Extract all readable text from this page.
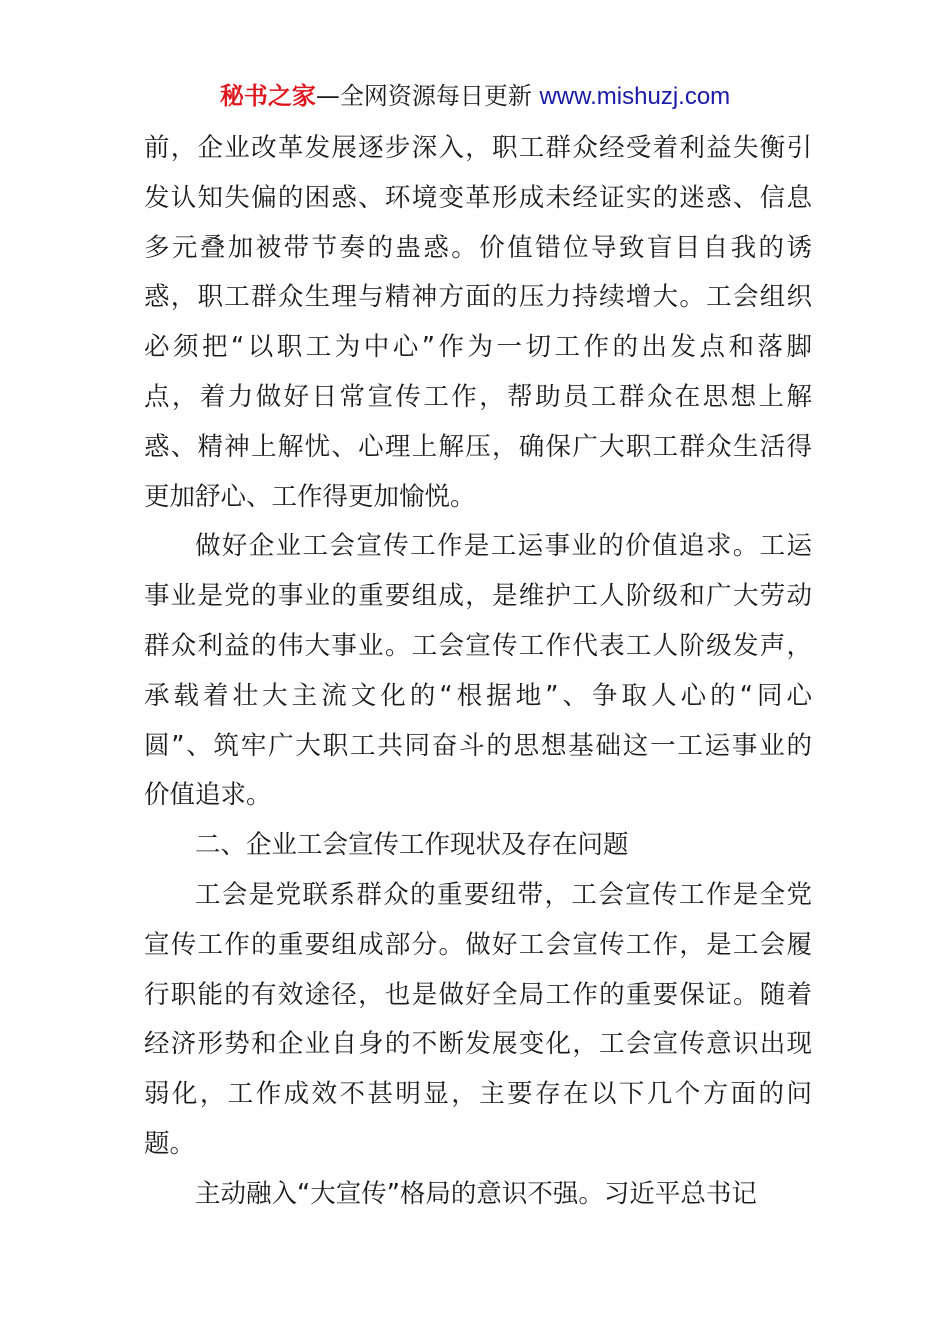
秘书之家—全网资源每日更新 www.mishuzj.com
前，企业改革发展逐步深入，职工群众经受着利益失衡引
发认知失偏的困惑、环境变革形成未经证实的迷惑、信息
多元叠加被带节奏的蛊惑。价值错位导致盲目自我的诱
惑，职工群众生理与精神方面的压力持续增大。工会组织
必须把“以职工为中心”作为一切工作的出发点和落脚
点，着力做好日常宣传工作，帮助员工群众在思想上解
惑、精神上解忧、心理上解压，确保广大职工群众生活得
更加舒心、工作得更加愉悦。
做好企业工会宣传工作是工运事业的价值追求。工运
事业是党的事业的重要组成，是维护工人阶级和广大劳动
群众利益的伟大事业。工会宣传工作代表工人阶级发声，
承载着壮大主流文化的“根据地”、争取人心的“同心
圆”、筑牢广大职工共同奋斗的思想基础这一工运事业的
价值追求。
二、企业工会宣传工作现状及存在问题
工会是党联系群众的重要纽带，工会宣传工作是全党
宣传工作的重要组成部分。做好工会宣传工作，是工会履
行职能的有效途径，也是做好全局工作的重要保证。随着
经济形势和企业自身的不断发展变化，工会宣传意识出现
弱化，工作成效不甚明显，主要存在以下几个方面的问
题。
主动融入“大宣传”格局的意识不强。习近平总书记
